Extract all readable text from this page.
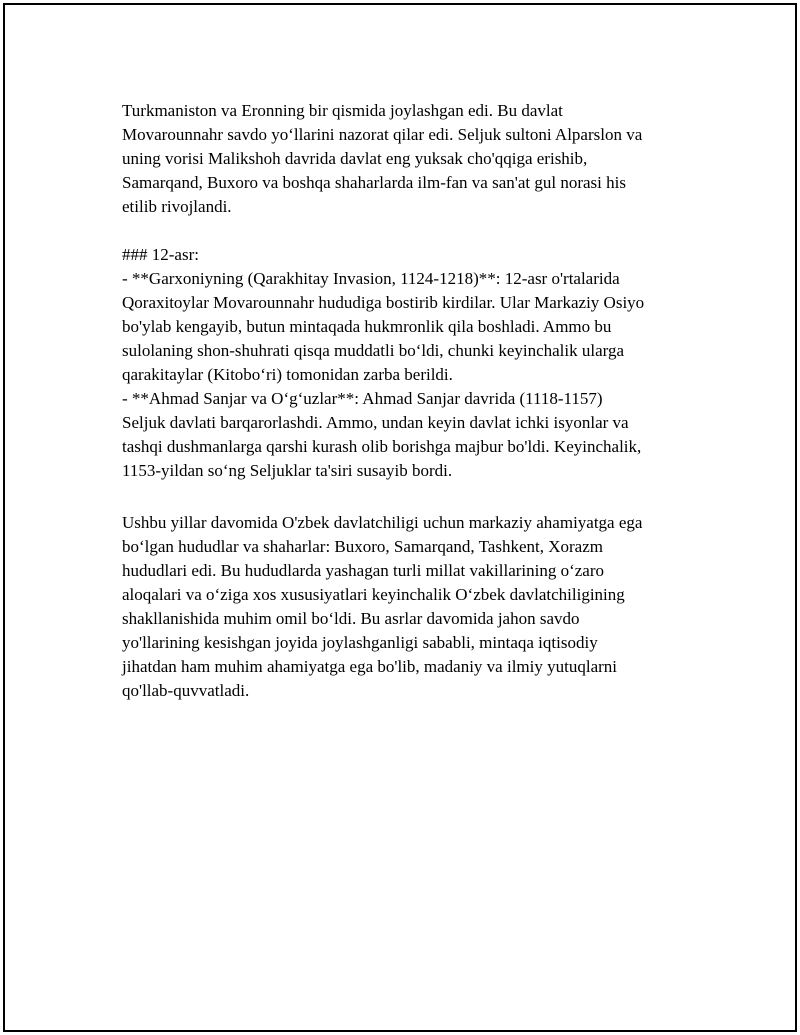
Turkmaniston va Eronning bir qismida joylashgan edi. Bu davlat
Movarounnahr savdo yo‘llarini nazorat qilar edi. Seljuk sultoni Alparslon va
uning vorisi Malikshoh davrida davlat eng yuksak cho'qqiga erishib,
Samarqand, Buxoro va boshqa shaharlarda ilm-fan va san'at gul norasi his
etilib rivojlandi.
### 12-asr:
- **Garxoniyning (Qarakhitay Invasion, 1124-1218)**: 12-asr o'rtalarida
Qoraxitoylar Movarounnahr hududiga bostirib kirdilar. Ular Markaziy Osiyo
bo'ylab kengayib, butun mintaqada hukmronlik qila boshladi. Ammo bu
sulolaning shon-shuhrati qisqa muddatli bo‘ldi, chunki keyinchalik ularga
qarakitaylar (Kitobo‘ri) tomonidan zarba berildi.
- **Ahmad Sanjar va O‘g‘uzlar**: Ahmad Sanjar davrida (1118-1157)
Seljuk davlati barqarorlashdi. Ammo, undan keyin davlat ichki isyonlar va
tashqi dushmanlarga qarshi kurash olib borishga majbur bo'ldi. Keyinchalik,
1153-yildan so‘ng Seljuklar ta'siri susayib bordi.
Ushbu yillar davomida O'zbek davlatchiligi uchun markaziy ahamiyatga ega
bo‘lgan hududlar va shaharlar: Buxoro, Samarqand, Tashkent, Xorazm
hududlari edi. Bu hududlarda yashagan turli millat vakillarining o‘zaro
aloqalari va o‘ziga xos xususiyatlari keyinchalik O‘zbek davlatchiligining
shakllanishida muhim omil bo‘ldi. Bu asrlar davomida jahon savdo
yo'llarining kesishgan joyida joylashganligi sababli, mintaqa iqtisodiy
jihatdan ham muhim ahamiyatga ega bo'lib, madaniy va ilmiy yutuqlarni
qo'llab-quvvatladi.
